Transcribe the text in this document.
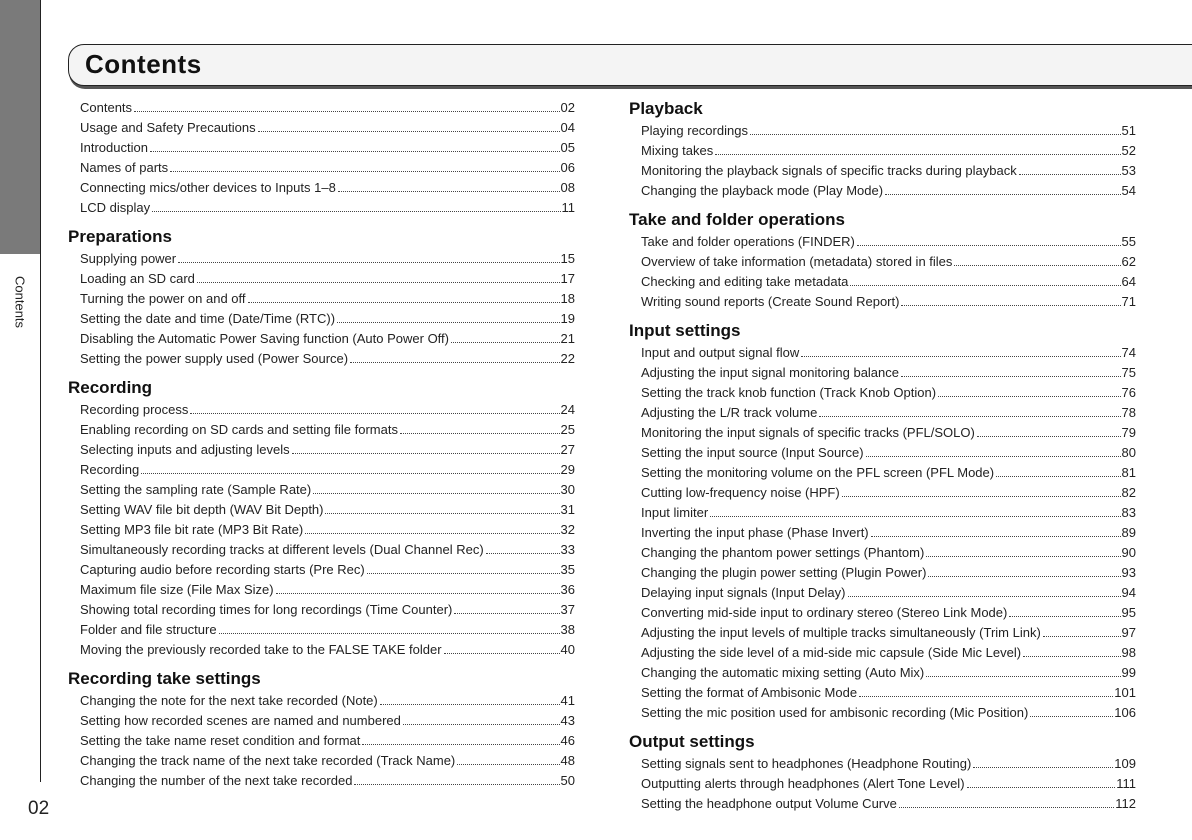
Contents
02
Contents
Contents	02
Usage and Safety Precautions	04
Introduction	05
Names of parts	06
Connecting mics/other devices to Inputs 1–8	08
LCD display	11
Preparations
Supplying power	15
Loading an SD card	17
Turning the power on and off	18
Setting the date and time (Date/Time (RTC))	19
Disabling the Automatic Power Saving function (Auto Power Off)	21
Setting the power supply used (Power Source)	22
Recording
Recording process	24
Enabling recording on SD cards and setting file formats	25
Selecting inputs and adjusting levels	27
Recording	29
Setting the sampling rate (Sample Rate)	30
Setting WAV file bit depth (WAV Bit Depth)	31
Setting MP3 file bit rate (MP3 Bit Rate)	32
Simultaneously recording tracks at different levels (Dual Channel Rec)	33
Capturing audio before recording starts (Pre Rec)	35
Maximum file size (File Max Size)	36
Showing total recording times for long recordings (Time Counter)	37
Folder and file structure	38
Moving the previously recorded take to the FALSE TAKE folder	40
Recording take settings
Changing the note for the next take recorded (Note)	41
Setting how recorded scenes are named and numbered	43
Setting the take name reset condition and format	46
Changing the track name of the next take recorded (Track Name)	48
Changing the number of the next take recorded	50
Playback
Playing recordings	51
Mixing takes	52
Monitoring the playback signals of specific tracks during playback	53
Changing the playback mode (Play Mode)	54
Take and folder operations
Take and folder operations (FINDER)	55
Overview of take information (metadata) stored in files	62
Checking and editing take metadata	64
Writing sound reports (Create Sound Report)	71
Input settings
Input and output signal flow	74
Adjusting the input signal monitoring balance	75
Setting the track knob function (Track Knob Option)	76
Adjusting the L/R track volume	78
Monitoring the input signals of specific tracks (PFL/SOLO)	79
Setting the input source (Input Source)	80
Setting the monitoring volume on the PFL screen (PFL Mode)	81
Cutting low-frequency noise (HPF)	82
Input limiter	83
Inverting the input phase (Phase Invert)	89
Changing the phantom power settings (Phantom)	90
Changing the plugin power setting (Plugin Power)	93
Delaying input signals (Input Delay)	94
Converting mid-side input to ordinary stereo (Stereo Link Mode)	95
Adjusting the input levels of multiple tracks simultaneously (Trim Link)	97
Adjusting the side level of a mid-side mic capsule (Side Mic Level)	98
Changing the automatic mixing setting (Auto Mix)	99
Setting the format of Ambisonic Mode	101
Setting the mic position used for ambisonic recording (Mic Position)	106
Output settings
Setting signals sent to headphones (Headphone Routing)	109
Outputting alerts through headphones (Alert Tone Level)	111
Setting the headphone output Volume Curve	112
